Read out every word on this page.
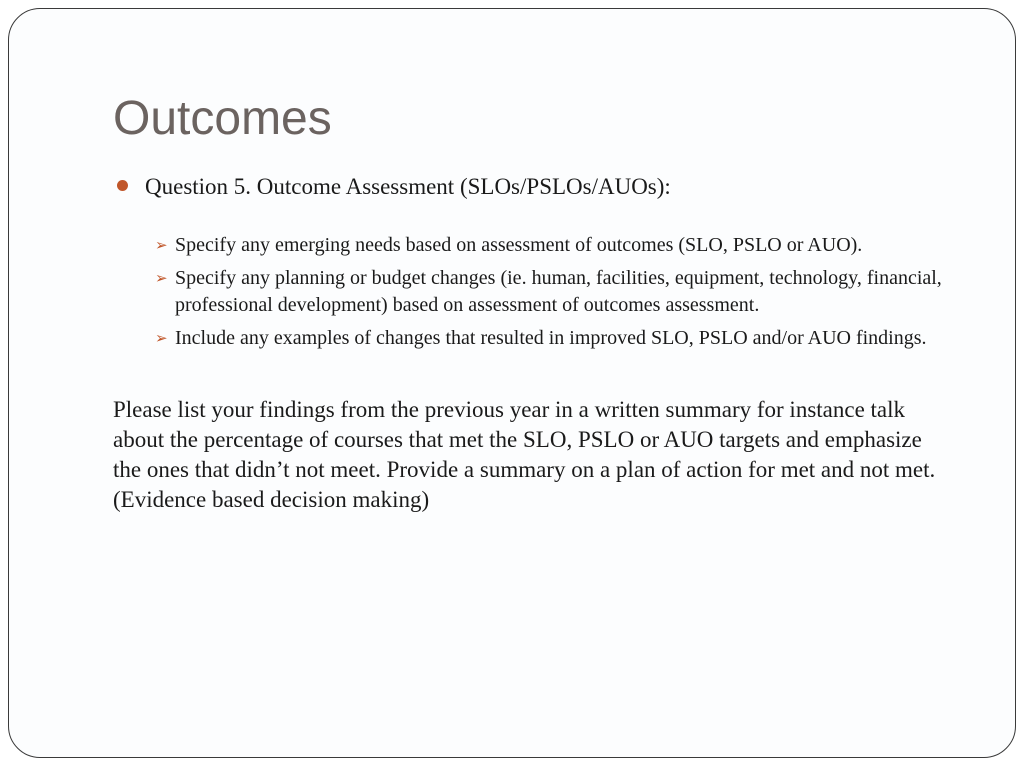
Outcomes
Question 5. Outcome Assessment (SLOs/PSLOs/AUOs):
➢ Specify any emerging needs based on assessment of outcomes (SLO, PSLO or AUO).
➢ Specify any planning or budget changes (ie. human, facilities, equipment, technology, financial, professional development) based on assessment of outcomes assessment.
➢ Include any examples of changes that resulted in improved SLO, PSLO and/or AUO findings.

Please list your findings from the previous year in a written summary for instance talk about the percentage of courses that met the SLO, PSLO or AUO targets and emphasize the ones that didn’t not meet. Provide a summary on a plan of action for met and not met. (Evidence based decision making)
